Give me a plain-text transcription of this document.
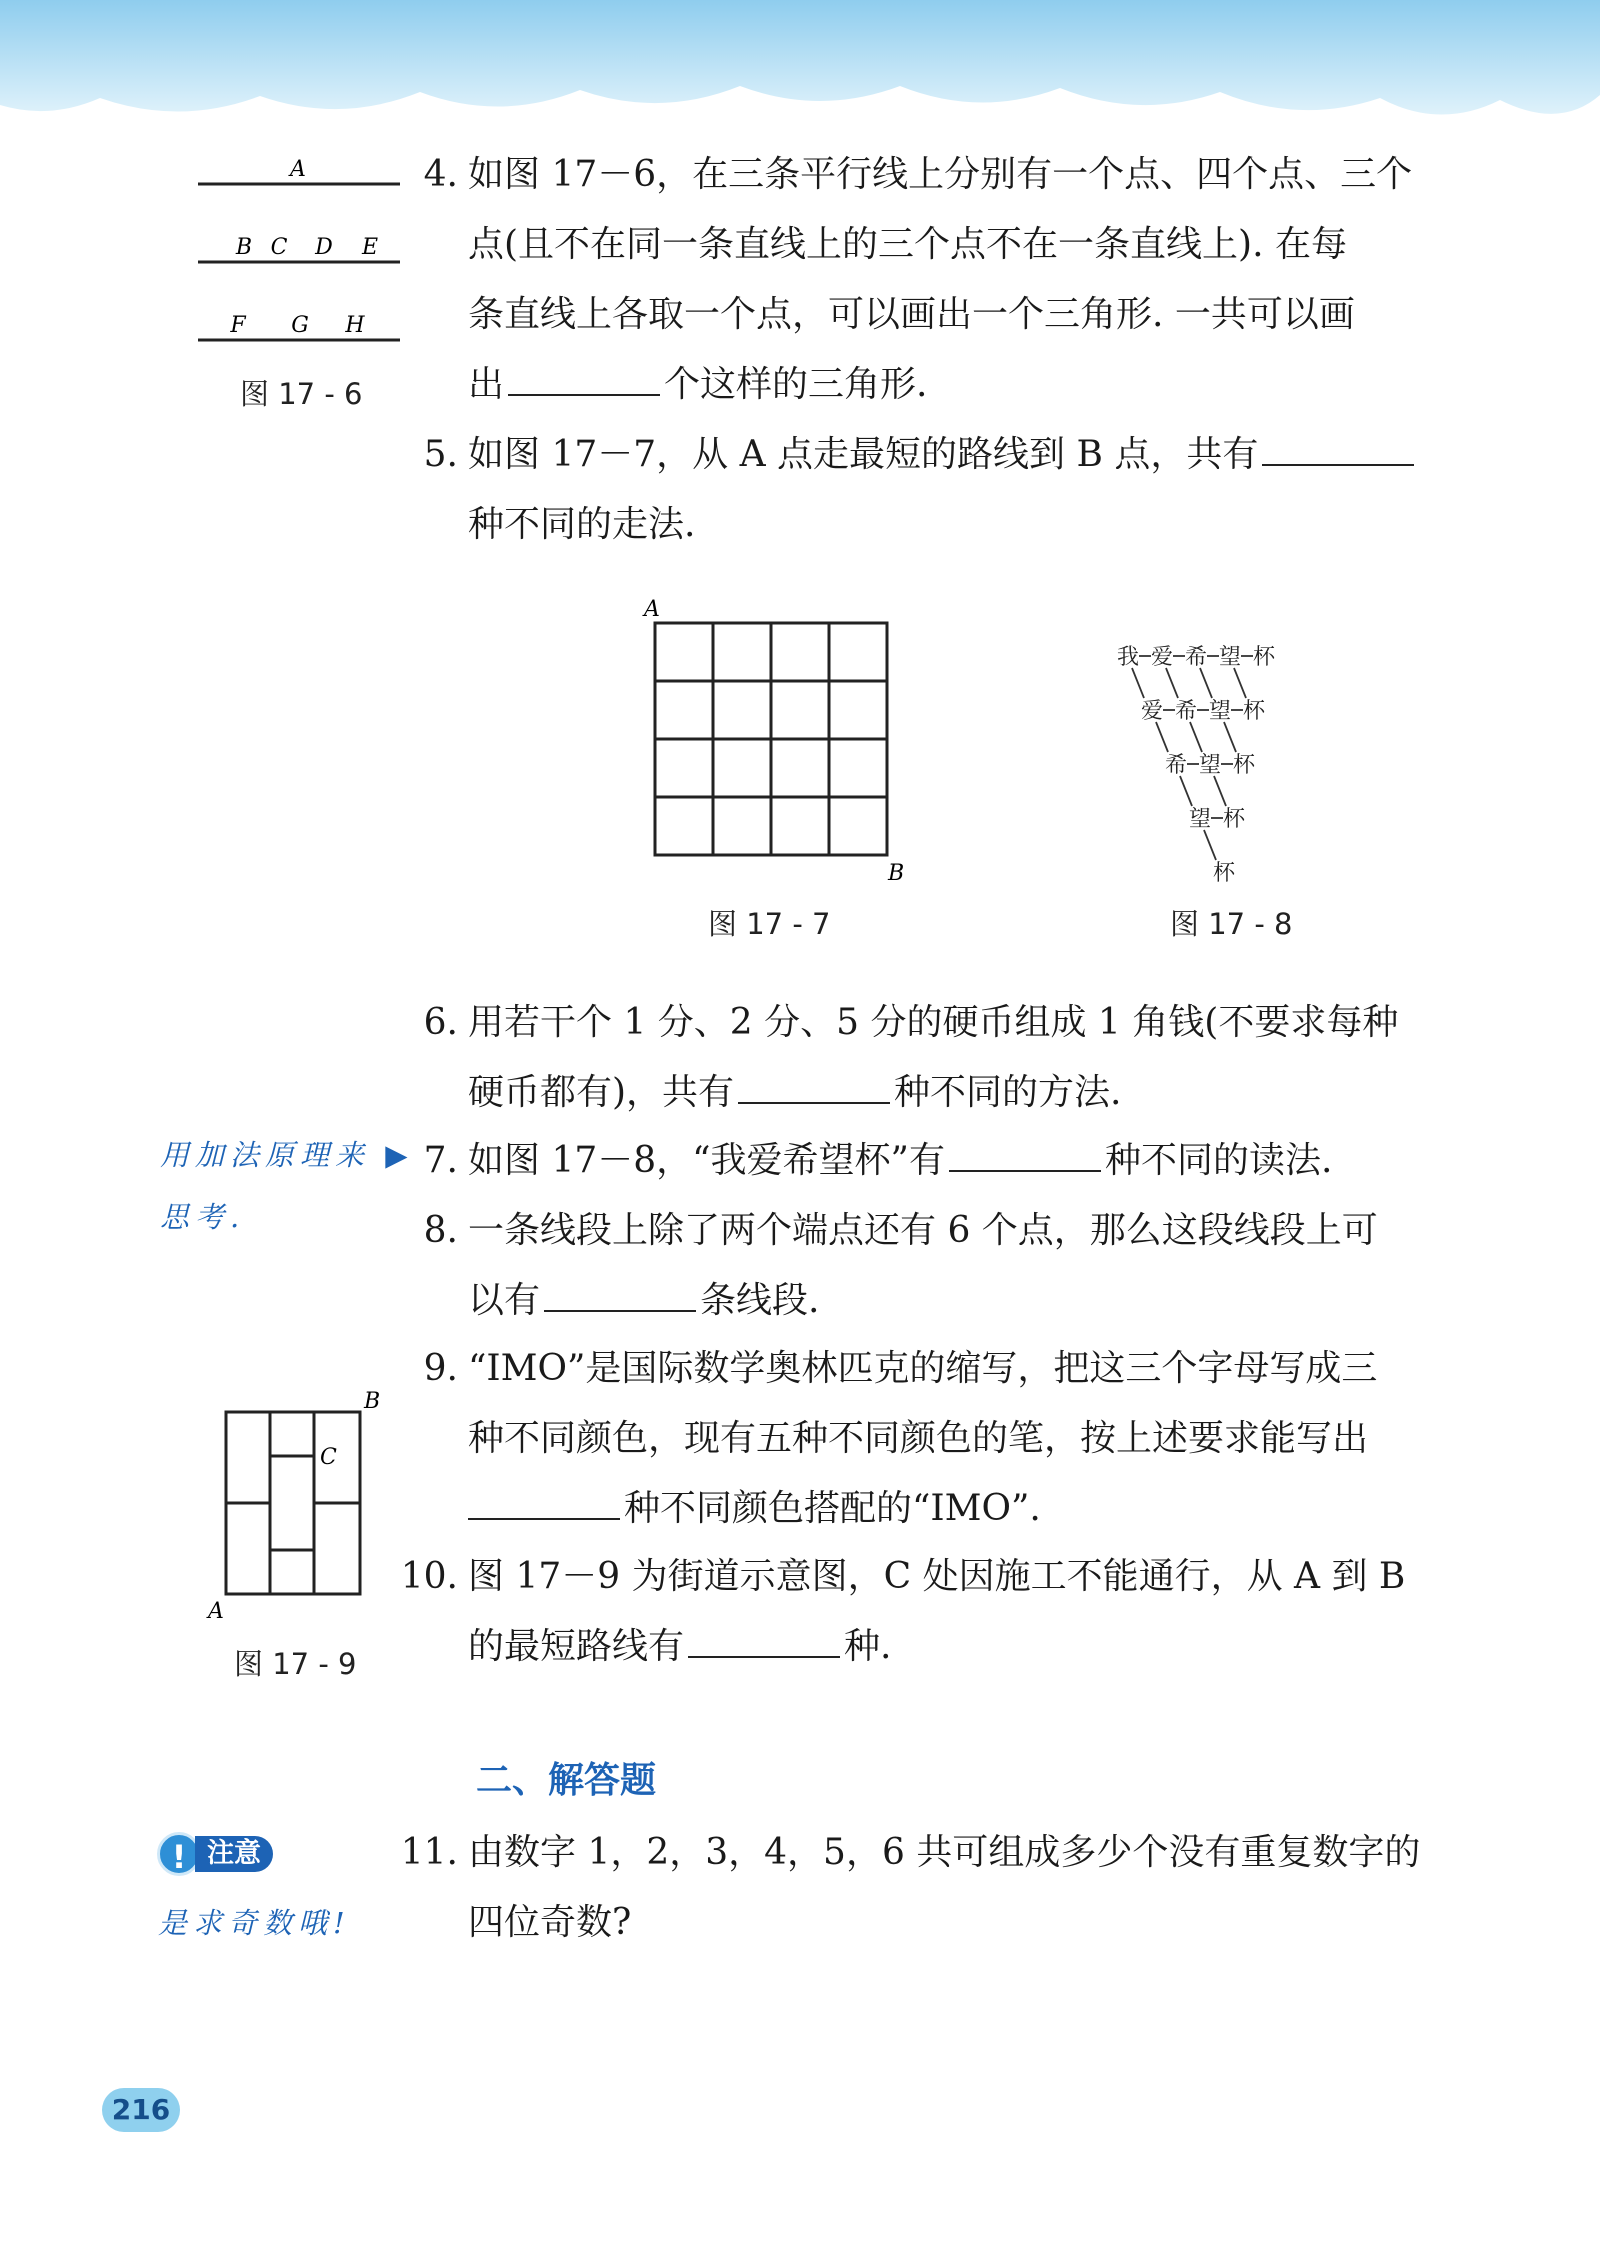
A
B C D E
F G H
图 17 - 6
4. 如图 17－6，在三条平行线上分别有一个点、四个点、三个
点(且不在同一条直线上的三个点不在一条直线上). 在每
条直线上各取一个点，可以画出一个三角形. 一共可以画
出	个这样的三角形.
5. 如图 17－7，从 A 点走最短的路线到 B 点，共有
种不同的走法.
A
B
图 17 - 7
我 爱 希 望 杯
爱 希 望 杯
希 望 杯
望 杯
杯
图 17 - 8
6. 用若干个 1 分、2 分、5 分的硬币组成 1 角钱(不要求每种
硬币都有)，共有	种不同的方法.
7. 如图 17－8，“我爱希望杯”有	种不同的读法.
用加法原理来 ▶
思考.	8. 一条线段上除了两个端点还有 6 个点，那么这段线段上可
以有	条线段.
9. “IMO”是国际数学奥林匹克的缩写，把这三个字母写成三
种不同颜色，现有五种不同颜色的笔，按上述要求能写出
种不同颜色搭配的“IMO”.
B
C
A
图 17 - 9
10. 图 17－9 为街道示意图，C 处因施工不能通行，从 A 到 B
的最短路线有	种.
二、解答题
! 注意
是求奇数哦!
11. 由数字 1，2，3，4，5，6 共可组成多少个没有重复数字的
四位奇数?
216
